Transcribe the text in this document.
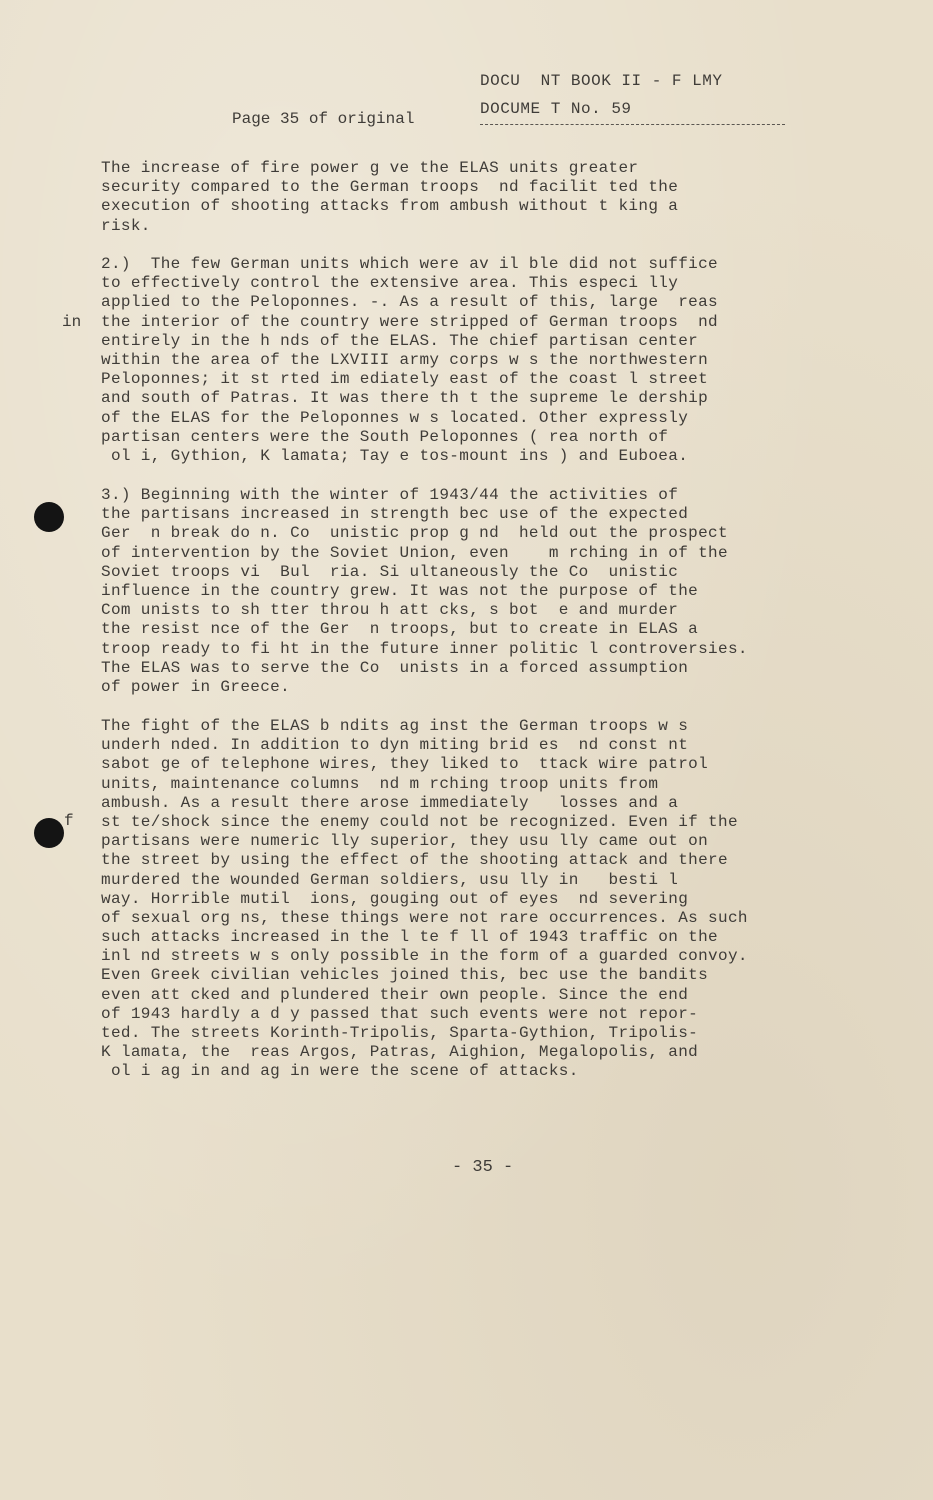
DOCU  NT BOOK II - F LMY
DOCUME T No. 59
Page 35 of original
in
f
The increase of fire power g ve the ELAS units greater
security compared to the German troops  nd facilit ted the
execution of shooting attacks from ambush without t king a
risk.
2.)  The few German units which were av il ble did not suffice
to effectively control the extensive area. This especi lly
applied to the Peloponnes. -. As a result of this, large  reas
the interior of the country were stripped of German troops  nd
entirely in the h nds of the ELAS. The chief partisan center
within the area of the LXVIII army corps w s the northwestern
Peloponnes; it st rted im ediately east of the coast l street
and south of Patras. It was there th t the supreme le dership
of the ELAS for the Peloponnes w s located. Other expressly
partisan centers were the South Peloponnes ( rea north of
ol i, Gythion, K lamata; Tay e tos-mount ins ) and Euboea.
3.) Beginning with the winter of 1943/44 the activities of
the partisans increased in strength bec use of the expected
Ger  n break do n. Co  unistic prop g nd  held out the prospect
of intervention by the Soviet Union, even    m rching in of the
Soviet troops vi  Bul  ria. Si ultaneously the Co  unistic
influence in the country grew. It was not the purpose of the
Com unists to sh tter throu h att cks, s bot  e and murder
the resist nce of the Ger  n troops, but to create in ELAS a
troop ready to fi ht in the future inner politic l controversies.
The ELAS was to serve the Co  unists in a forced assumption
of power in Greece.
The fight of the ELAS b ndits ag inst the German troops w s
underh nded. In addition to dyn miting brid es  nd const nt
sabot ge of telephone wires, they liked to  ttack wire patrol
units, maintenance columns  nd m rching troop units from
ambush. As a result there arose immediately   losses and a
st te/shock since the enemy could not be recognized. Even if the
partisans were numeric lly superior, they usu lly came out on
the street by using the effect of the shooting attack and there
murdered the wounded German soldiers, usu lly in   besti l
way. Horrible mutil  ions, gouging out of eyes  nd severing
of sexual org ns, these things were not rare occurrences. As such
such attacks increased in the l te f ll of 1943 traffic on the
inl nd streets w s only possible in the form of a guarded convoy.
Even Greek civilian vehicles joined this, bec use the bandits
even att cked and plundered their own people. Since the end
of 1943 hardly a d y passed that such events were not repor-
ted. The streets Korinth-Tripolis, Sparta-Gythion, Tripolis-
K lamata, the  reas Argos, Patras, Aighion, Megalopolis, and
ol i ag in and ag in were the scene of attacks.
- 35 -
